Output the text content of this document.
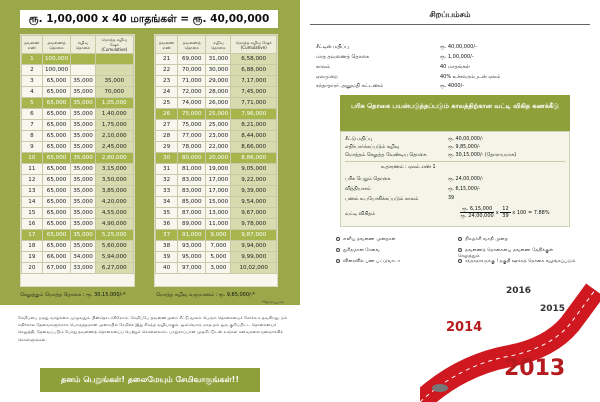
ரூ. 1,00,000 x 40 மாதங்கள் = ரூ. 40,00,000
தவணை எண்	தவணைத் தொகை	கழிவு தொகை	மொத்த கழிவு ஷேர் (Cumulative)
1	100,000		
2	100,000		
3	65,000	35,000	35,000
4	65,000	35,000	70,000
5	65,000	35,000	1,05,000
6	65,000	35,000	1,40,000
7	65,000	35,000	1,75,000
8	65,000	35,000	2,10,000
9	65,000	35,000	2,45,000
10	65,000	35,000	2,80,000
11	65,000	35,000	3,15,000
12	65,000	35,000	3,50,000
13	65,000	35,000	3,85,000
14	65,000	35,000	4,20,000
15	65,000	35,000	4,55,000
16	65,000	35,000	4,90,000
17	65,000	35,000	5,25,000
18	65,000	35,000	5,60,000
19	66,000	34,000	5,94,000
20	67,000	33,000	6,27,000
தவணை எண்	தவணைத் தொகை	கழிவு தொகை	மொத்த கழிவு ஷேர் (Cumulative)
21	69,000	31,000	6,58,000
22	70,000	30,000	6,88,000
23	71,000	29,000	7,17,000
24	72,000	28,000	7,45,000
25	74,000	26,000	7,71,000
26	75,000	25,000	7,96,000
27	75,000	25,000	8,21,000
28	77,000	23,000	8,44,000
29	78,000	22,000	8,66,000
30	80,000	20,000	8,86,000
31	81,000	19,000	9,05,000
32	83,000	17,000	9,22,000
33	83,000	17,000	9,39,000
34	85,000	15,000	9,54,000
35	87,000	13,000	9,67,000
36	89,000	11,000	9,78,000
37	91,000	9,000	9,87,000
38	93,000	7,000	9,94,000
39	95,000	5,000	9,99,000
40	97,000	3,000	10,02,000
செலுத்தும் மொத்த தொகை : ரூ. 30,15,000/-*	மொத்த கழிவு வருமானம் : ரூ. 9,85,000/-*
*தோராயமாக
சேமிப்பை நமது வாழ்க்கை முழுவதும் பின்தொடர்கிறோம். சேமிப்பே தவணைமுறை சீட்டு மூலம் பெரும் தொகையைச் சேர்க்க உதவுகிறது. நம் எதிர்கால தேவைகளுக்காக பொருத்தமான முறையில் சேமிக்க இது சிறந்த வழியாகும். ஒவ்வொரு மாதமும் ஒரு குறிப்பிட்ட தொகையைச் செலுத்தி, தேவைப்படும் போது தவணைத் தொகையைப் பெற்றுக் கொள்ளலாம். பாதுகாப்பான முதலீட்டுடன் உங்கள் கனவுகளை நனவாக்கிக் கொள்ளுங்கள்.
தனம் பெறுங்கள்! தலைமேயும் சேமிவாகுங்கள்!!
சிறப்பம்சம்
சீட்டின் மதிப்பு	ரூ. 40,00,000/-
மாத தவணைத் தொகை	ரூ. 1,00,000/-
காலம்	40 மாதங்கள்
ஏலமுறை	40% உச்சவரம்புடன் ஏலம்
சந்தாதாரர் அனுமதி கட்டணம்	ரூ. 4000/-
பரிசு தொகை பயன்படுத்தப்படும் காலத்திற்கான வட்டி விகித கணக்கீடு
சீட்டு மதிப்பு	ரூ. 40,00,000/-
எதிர்பார்க்கப்படும் கழிவு	ரூ. 9,85,000/-
மொத்தம் செலுத்த வேண்டிய தொகை	ரூ. 30,15,000/- (தோராயமாக)
உதாரணம் : ஏலம் எண் 1
பரிசு பெறும் தொகை	ரூ. 24,00,000/-
வித்தியாசம்	ரூ. 6,15,000/-
பணம் உபயோகிக்கப்படும் காலம்	39
வட்டி விகிதம்	$\frac{\text{ரூ. 6,15,000}}{\text{ரூ. 24,00,000}}$ x $\frac{12}{39}$ x 100 = 7.88%
எளிய தவணை முறைகள்	நிகழ்ச்சி வசதி முறை
துரிதமான சேவை	தவணைத் தொகையை தவணை தேதிக்குள் செலுத்தும்
விரைவில் பண பட்டுவாடா	சந்தாதாரருக்கு ! தகுதி ஊக்கத் தொகை வழங்கப்படும்
2016
2015
2014
2013
